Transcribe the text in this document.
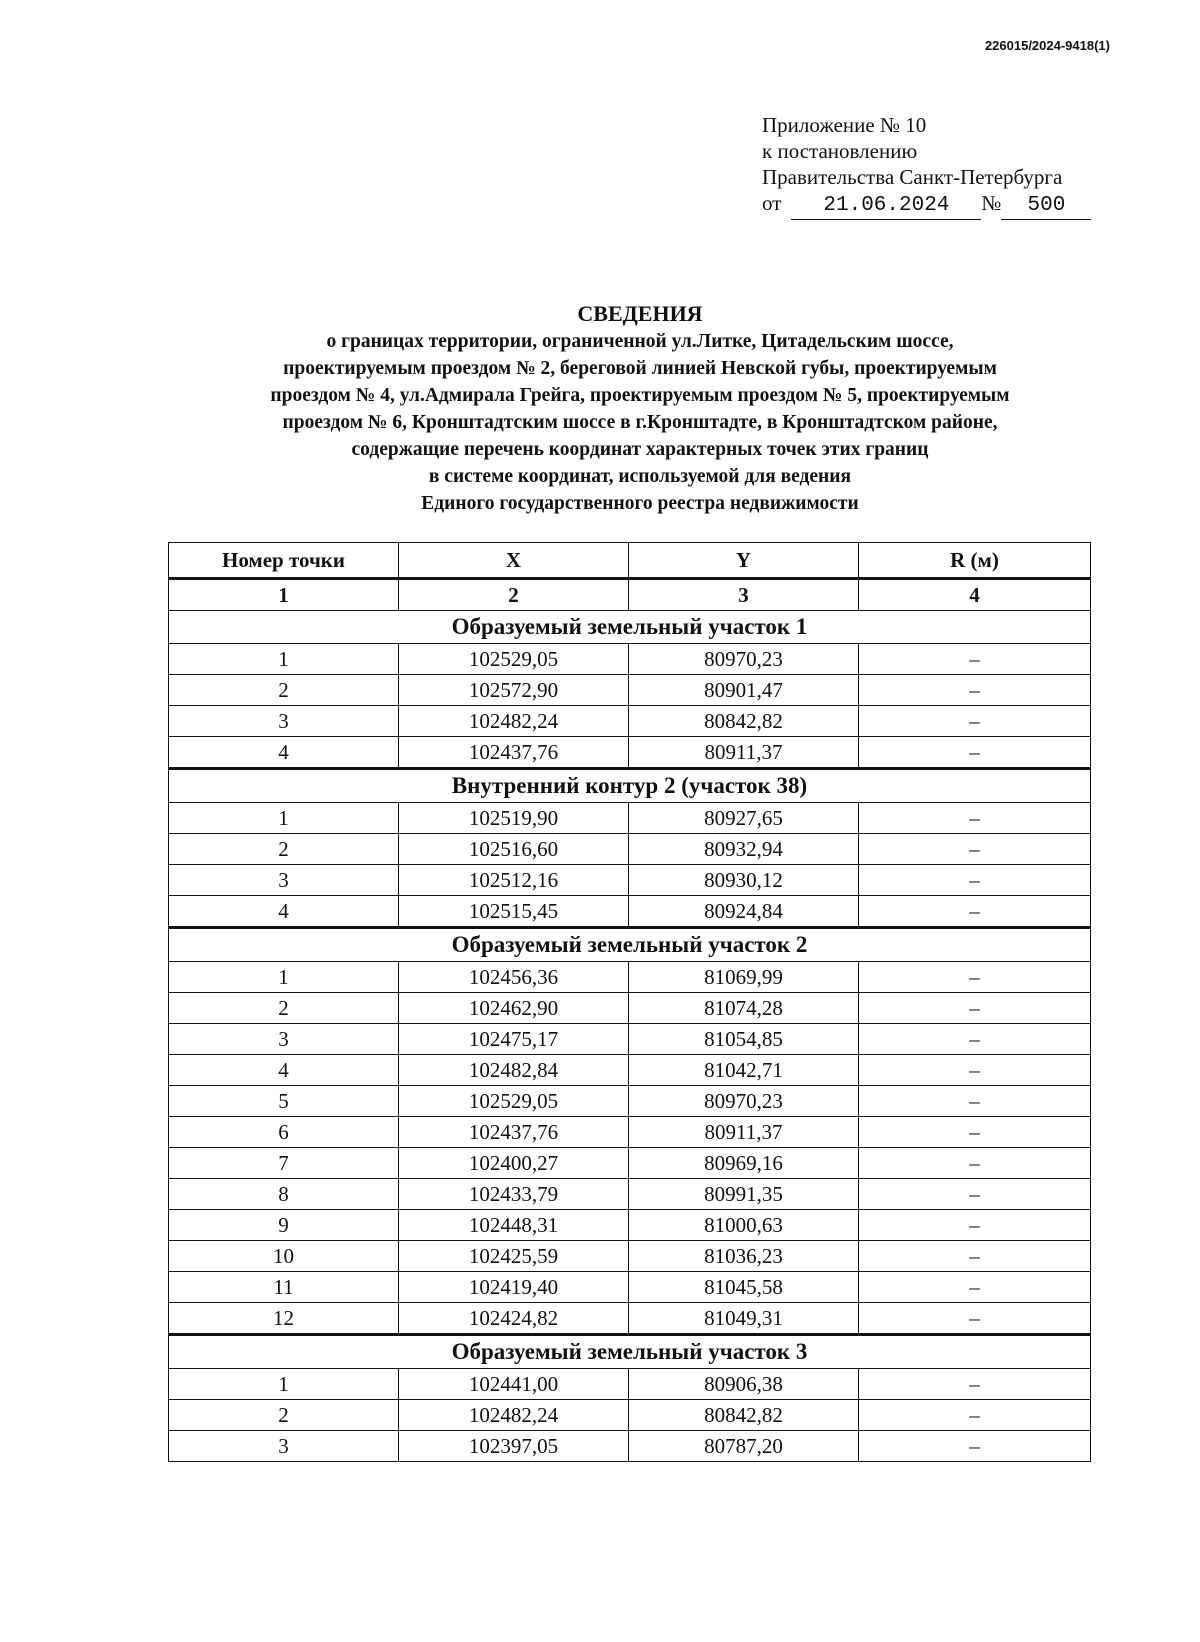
226015/2024-9418(1)
Приложение № 10
к постановлению
Правительства Санкт-Петербурга
от 21.06.2024 № 500
СВЕДЕНИЯ
о границах территории, ограниченной ул.Литке, Цитадельским шоссе,
проектируемым проездом № 2, береговой линией Невской губы, проектируемым
проездом № 4, ул.Адмирала Грейга, проектируемым проездом № 5, проектируемым
проездом № 6, Кронштадтским шоссе в г.Кронштадте, в Кронштадтском районе,
содержащие перечень координат характерных точек этих границ
в системе координат, используемой для ведения
Единого государственного реестра недвижимости
Номер точки	X	Y	R (м)
1	2	3	4
Образуемый земельный участок 1			
1	102529,05	80970,23	–
2	102572,90	80901,47	–
3	102482,24	80842,82	–
4	102437,76	80911,37	–
Внутренний контур 2 (участок 38)			
1	102519,90	80927,65	–
2	102516,60	80932,94	–
3	102512,16	80930,12	–
4	102515,45	80924,84	–
Образуемый земельный участок 2			
1	102456,36	81069,99	–
2	102462,90	81074,28	–
3	102475,17	81054,85	–
4	102482,84	81042,71	–
5	102529,05	80970,23	–
6	102437,76	80911,37	–
7	102400,27	80969,16	–
8	102433,79	80991,35	–
9	102448,31	81000,63	–
10	102425,59	81036,23	–
11	102419,40	81045,58	–
12	102424,82	81049,31	–
Образуемый земельный участок 3			
1	102441,00	80906,38	–
2	102482,24	80842,82	–
3	102397,05	80787,20	–
